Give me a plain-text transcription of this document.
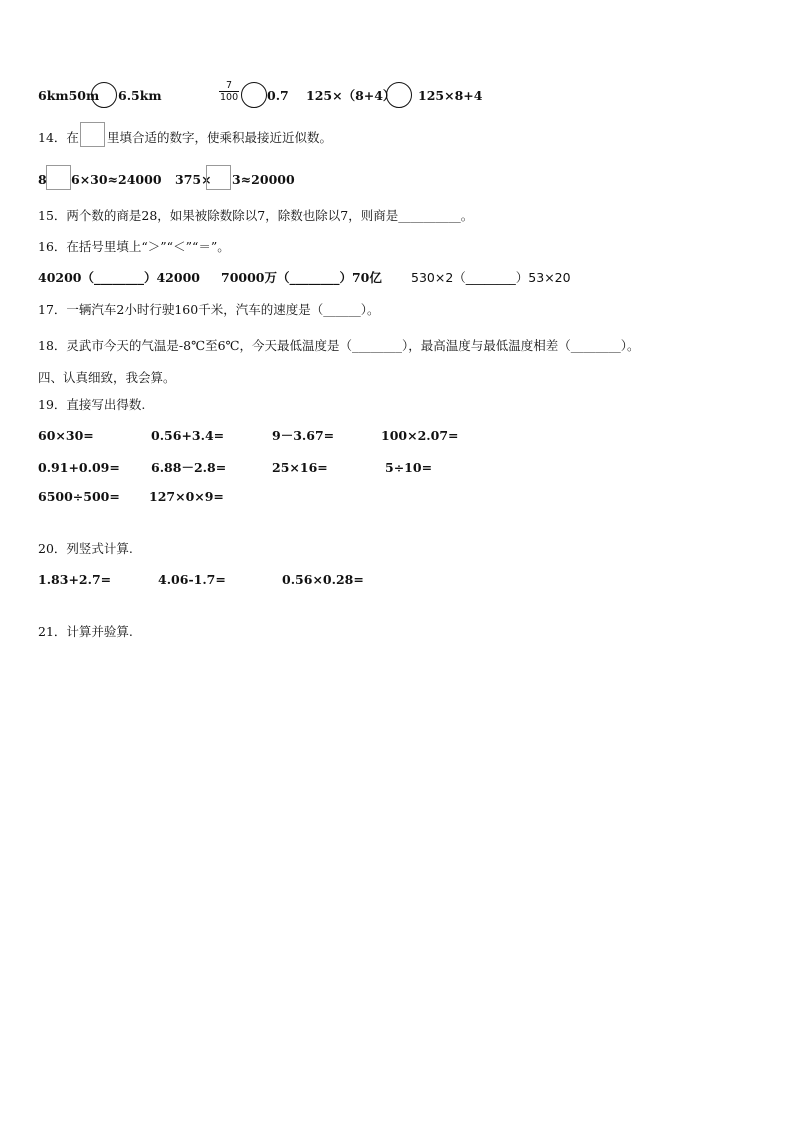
6km50m 6.5km	$\frac{7}{100} 0.7$ 125×（8+4） 125×8+4
14．在 里填合适的数字，使乘积最接近近似数。
8 6×30≈24000 375× 3≈20000
15．两个数的商是28，如果被除数除以7，除数也除以7，则商是__________。
16．在括号里填上“＞”“＜”“＝”。
40200（________）42000 70000万（________）70亿 530×2（________）53×20
17．一辆汽车2小时行驶160千米，汽车的速度是（______）。
18．灵武市今天的气温是-8℃至6℃，今天最低温度是（________），最高温度与最低温度相差（________）。
四、认真细致，我会算。
19．直接写出得数.
60×30=	0.56+3.4=	9－3.67=	100×2.07=
0.91+0.09= 6.88－2.8=	25×16=	5÷10=
6500÷500= 127×0×9=
20．列竖式计算.
1.83+2.7=	4.06-1.7=	0.56×0.28=
21．计算并验算.
